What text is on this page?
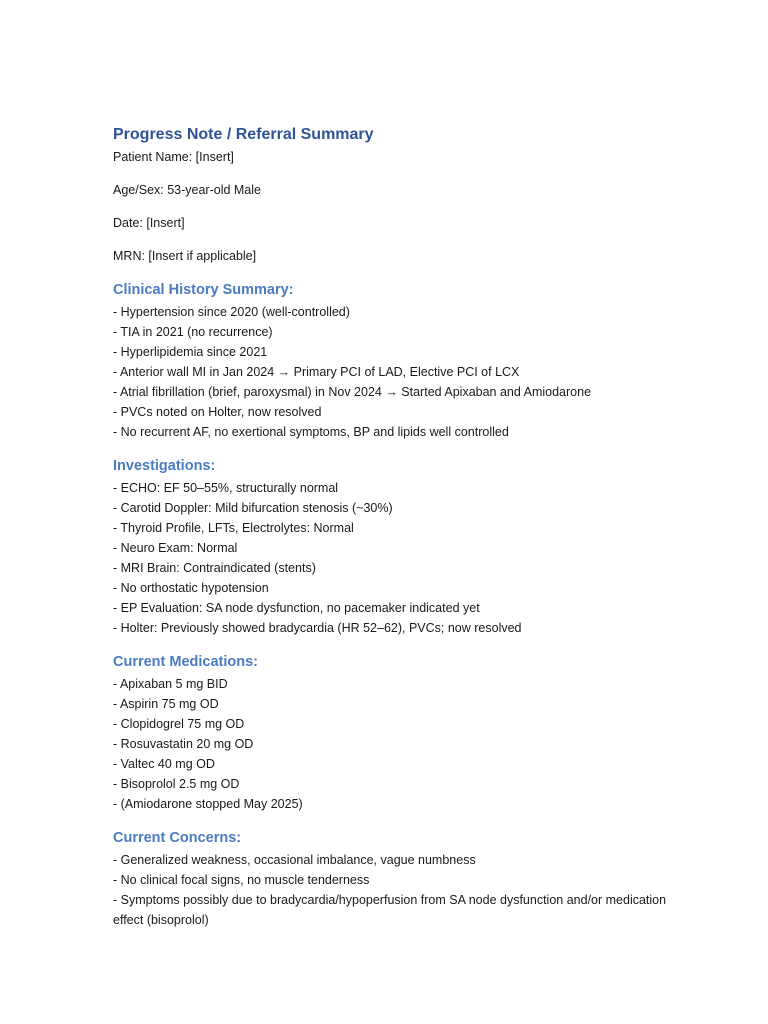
Progress Note / Referral Summary

Patient Name: [Insert]

Age/Sex: 53-year-old Male

Date: [Insert]

MRN: [Insert if applicable]

Clinical History Summary:

- Hypertension since 2020 (well-controlled)

- TIA in 2021 (no recurrence)

- Hyperlipidemia since 2021

- Anterior wall MI in Jan 2024 → Primary PCI of LAD, Elective PCI of LCX

- Atrial fibrillation (brief, paroxysmal) in Nov 2024 → Started Apixaban and Amiodarone

- PVCs noted on Holter, now resolved

- No recurrent AF, no exertional symptoms, BP and lipids well controlled

Investigations:

- ECHO: EF 50–55%, structurally normal

- Carotid Doppler: Mild bifurcation stenosis (~30%)

- Thyroid Profile, LFTs, Electrolytes: Normal

- Neuro Exam: Normal

- MRI Brain: Contraindicated (stents)

- No orthostatic hypotension

- EP Evaluation: SA node dysfunction, no pacemaker indicated yet

- Holter: Previously showed bradycardia (HR 52–62), PVCs; now resolved

Current Medications:

- Apixaban 5 mg BID

- Aspirin 75 mg OD

- Clopidogrel 75 mg OD

- Rosuvastatin 20 mg OD

- Valtec 40 mg OD

- Bisoprolol 2.5 mg OD

- (Amiodarone stopped May 2025)

Current Concerns:

- Generalized weakness, occasional imbalance, vague numbness

- No clinical focal signs, no muscle tenderness

- Symptoms possibly due to bradycardia/hypoperfusion from SA node dysfunction and/or medication effect (bisoprolol)
